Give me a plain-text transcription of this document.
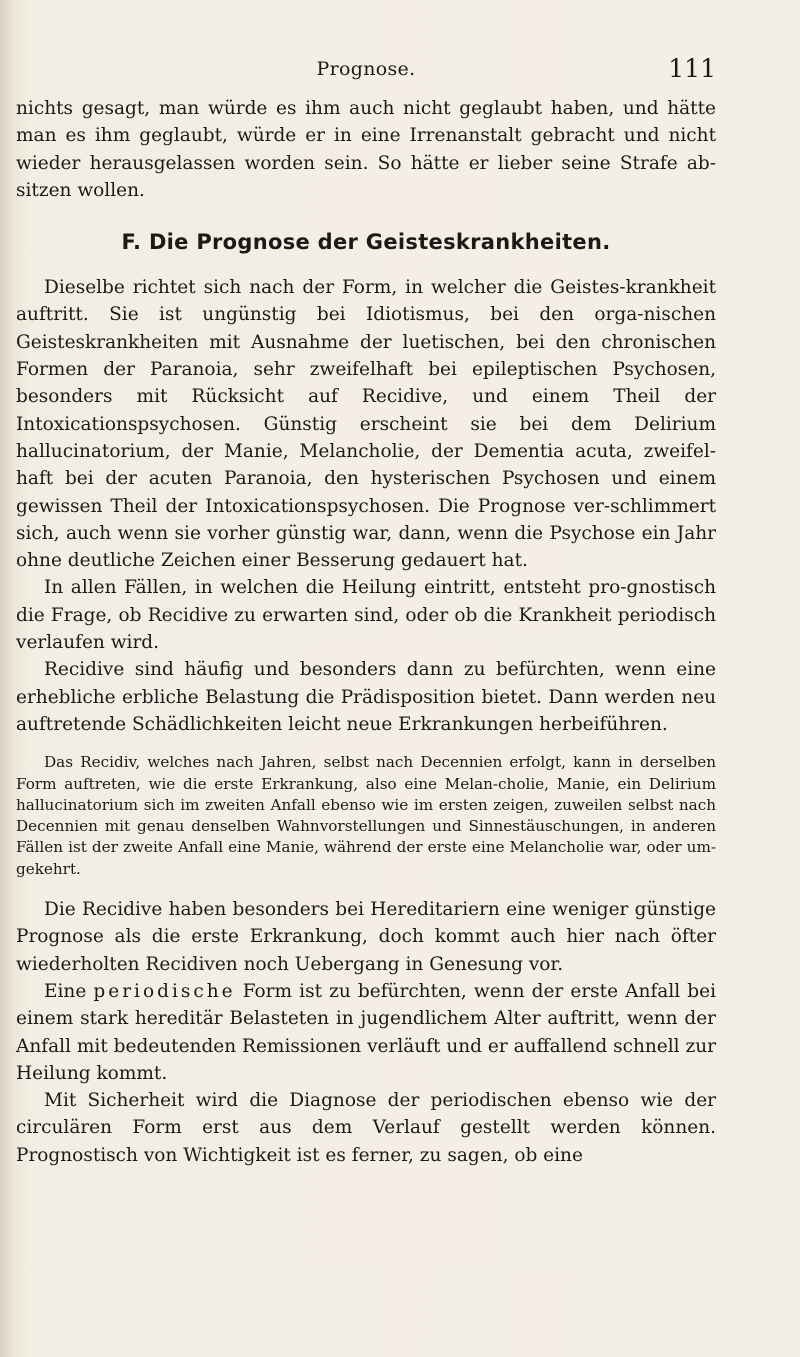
Prognose.	111

nichts gesagt, man würde es ihm auch nicht geglaubt haben, und hätte man es ihm geglaubt, würde er in eine Irrenanstalt gebracht und nicht wieder herausgelassen worden sein. So hätte er lieber seine Strafe ab-sitzen wollen.

F. Die Prognose der Geisteskrankheiten.

Dieselbe richtet sich nach der Form, in welcher die Geistes-krankheit auftritt. Sie ist ungünstig bei Idiotismus, bei den orga-nischen Geisteskrankheiten mit Ausnahme der luetischen, bei den chronischen Formen der Paranoia, sehr zweifelhaft bei epileptischen Psychosen, besonders mit Rücksicht auf Recidive, und einem Theil der Intoxicationspsychosen. Günstig erscheint sie bei dem Delirium hallucinatorium, der Manie, Melancholie, der Dementia acuta, zweifel-haft bei der acuten Paranoia, den hysterischen Psychosen und einem gewissen Theil der Intoxicationspsychosen. Die Prognose ver-schlimmert sich, auch wenn sie vorher günstig war, dann, wenn die Psychose ein Jahr ohne deutliche Zeichen einer Besserung gedauert hat.

In allen Fällen, in welchen die Heilung eintritt, entsteht pro-gnostisch die Frage, ob Recidive zu erwarten sind, oder ob die Krankheit periodisch verlaufen wird.

Recidive sind häufig und besonders dann zu befürchten, wenn eine erhebliche erbliche Belastung die Prädisposition bietet. Dann werden neu auftretende Schädlichkeiten leicht neue Erkrankungen herbeiführen.

Das Recidiv, welches nach Jahren, selbst nach Decennien erfolgt, kann in derselben Form auftreten, wie die erste Erkrankung, also eine Melan-cholie, Manie, ein Delirium hallucinatorium sich im zweiten Anfall ebenso wie im ersten zeigen, zuweilen selbst nach Decennien mit genau denselben Wahnvorstellungen und Sinnestäuschungen, in anderen Fällen ist der zweite Anfall eine Manie, während der erste eine Melancholie war, oder um-gekehrt.

Die Recidive haben besonders bei Hereditariern eine weniger günstige Prognose als die erste Erkrankung, doch kommt auch hier nach öfter wiederholten Recidiven noch Uebergang in Genesung vor.

Eine periodische Form ist zu befürchten, wenn der erste Anfall bei einem stark hereditär Belasteten in jugendlichem Alter auftritt, wenn der Anfall mit bedeutenden Remissionen verläuft und er auffallend schnell zur Heilung kommt.

Mit Sicherheit wird die Diagnose der periodischen ebenso wie der circulären Form erst aus dem Verlauf gestellt werden können. Prognostisch von Wichtigkeit ist es ferner, zu sagen, ob eine
